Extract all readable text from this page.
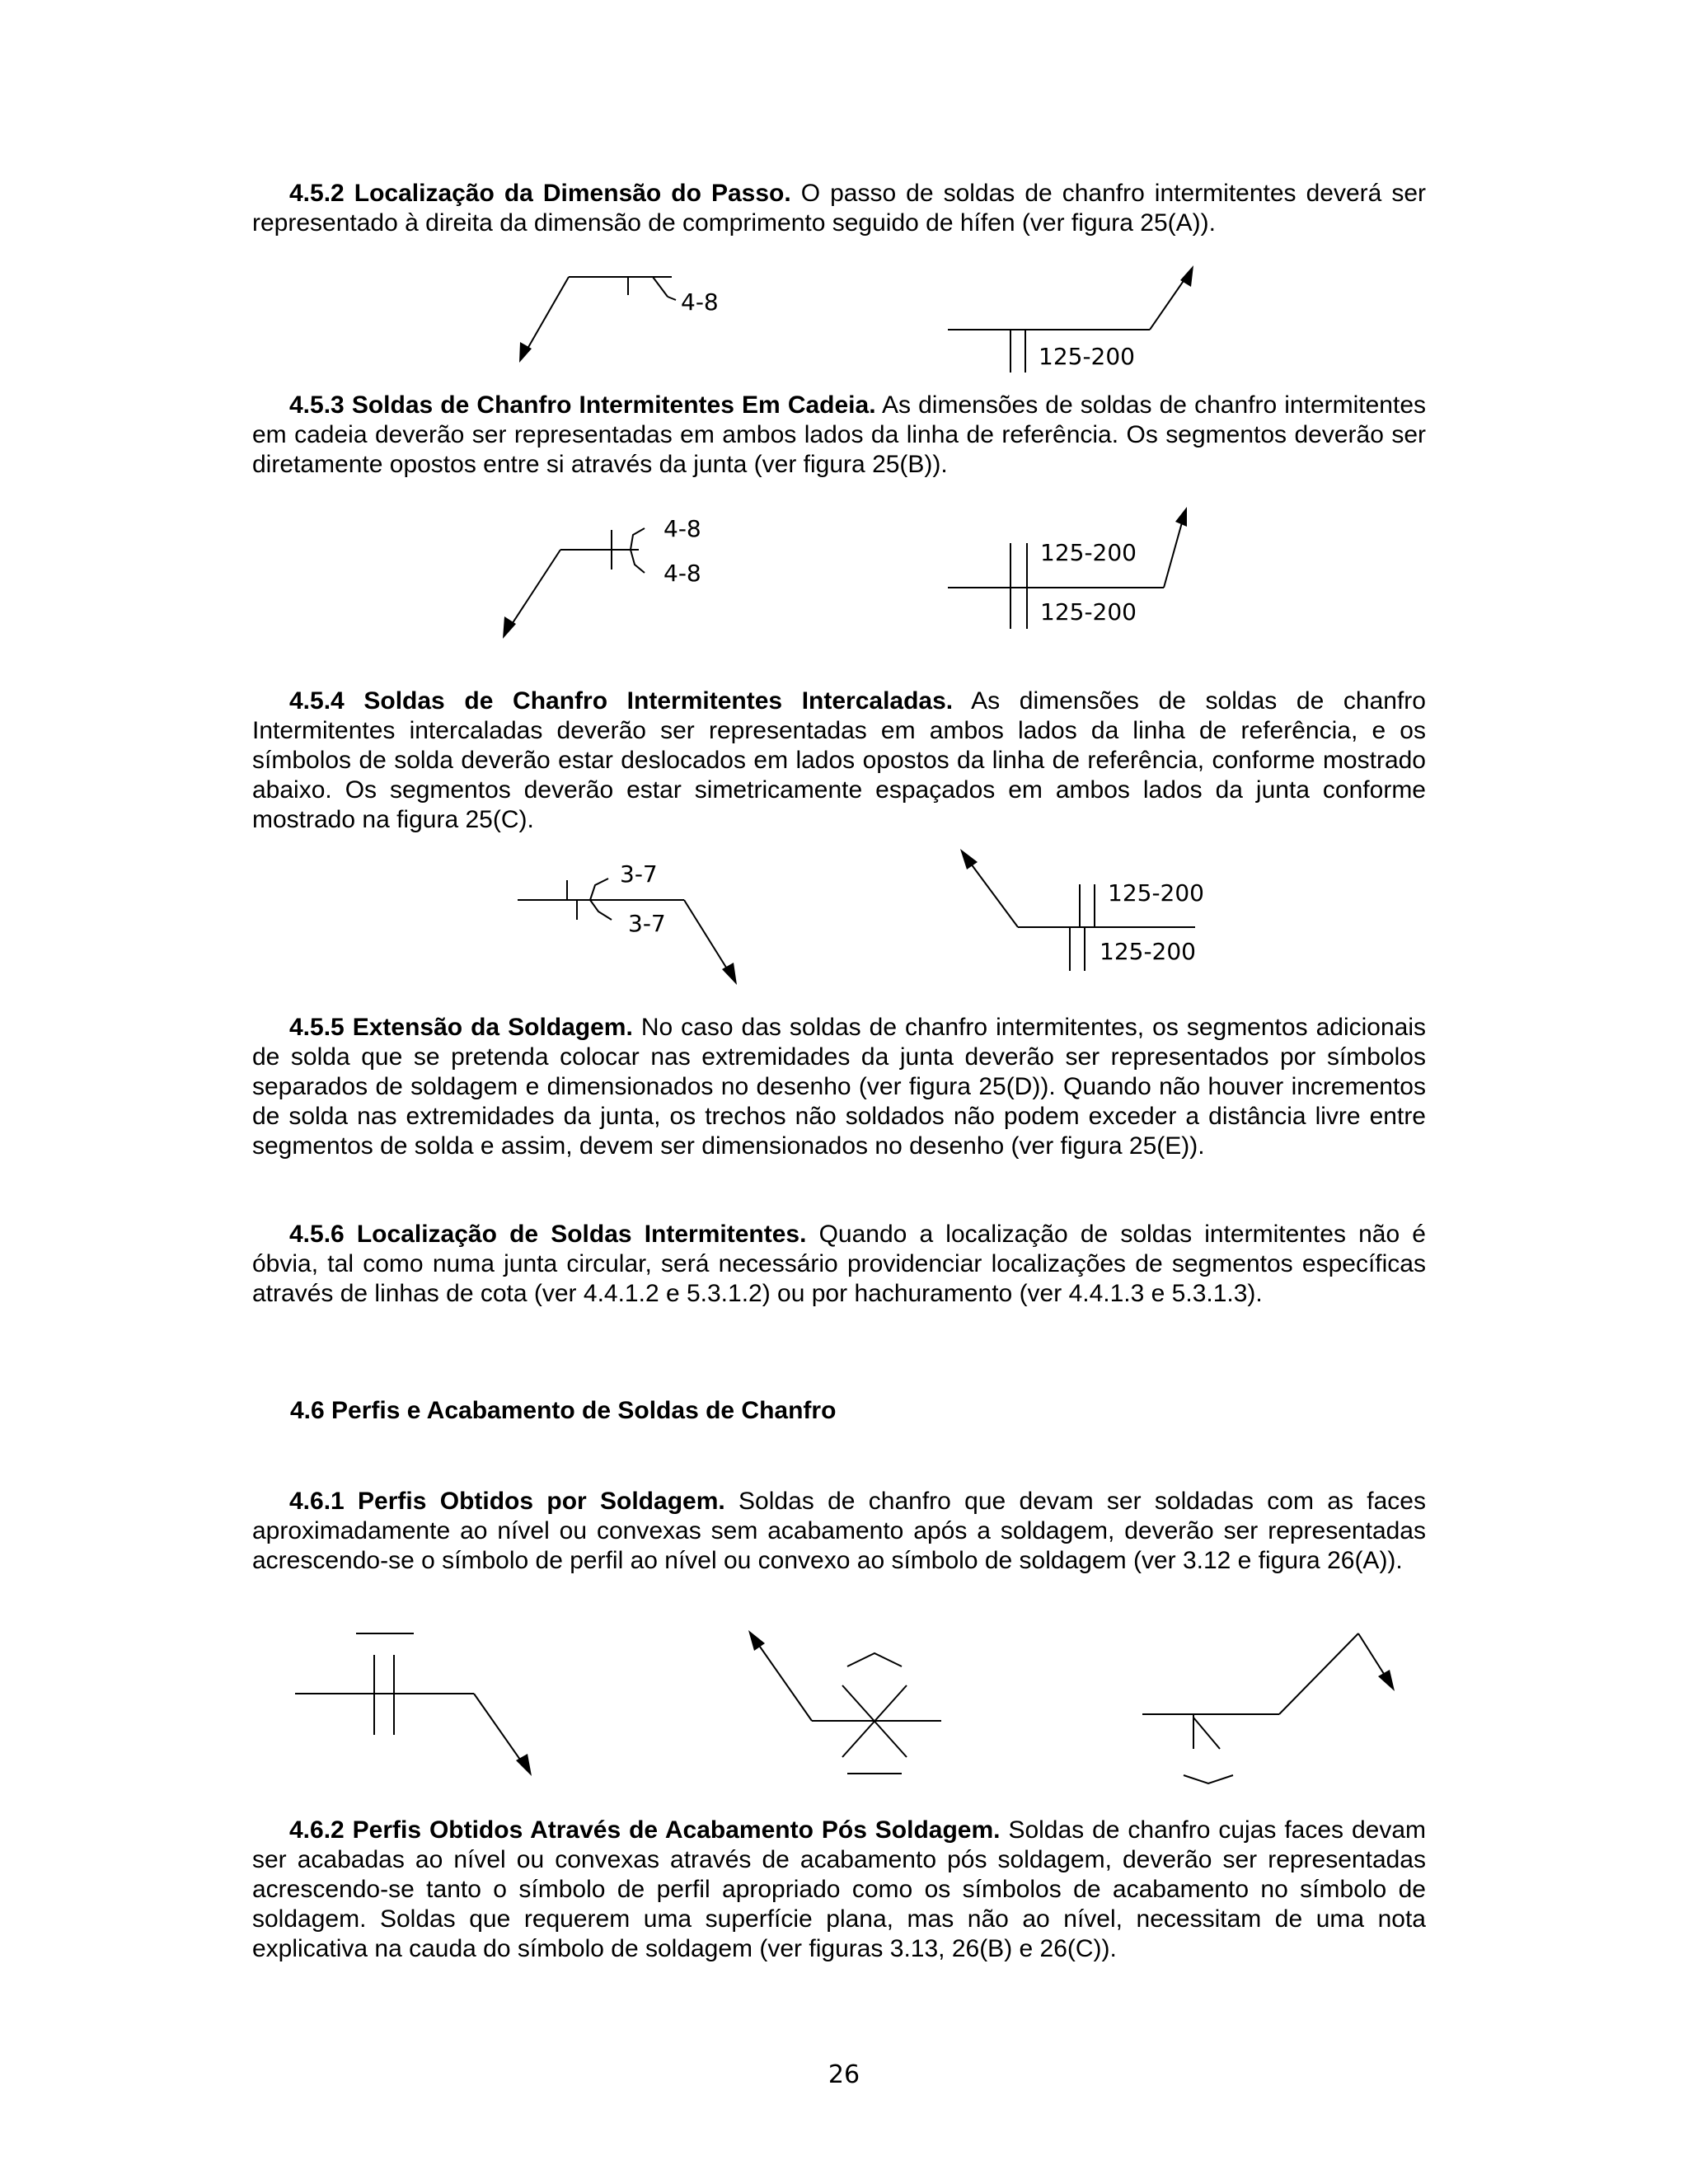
4.5.2 Localização da Dimensão do Passo. O passo de soldas de chanfro intermitentes deverá ser representado à direita da dimensão de comprimento seguido de hífen (ver figura 25(A)).

4-8
125-200

4.5.3 Soldas de Chanfro Intermitentes Em Cadeia. As dimensões de soldas de chanfro intermitentes em cadeia deverão ser representadas em ambos lados da linha de referência. Os segmentos deverão ser diretamente opostos entre si através da junta (ver figura 25(B)).

4-8
4-8
125-200
125-200

4.5.4 Soldas de Chanfro Intermitentes Intercaladas. As dimensões de soldas de chanfro Intermitentes intercaladas deverão ser representadas em ambos lados da linha de referência, e os símbolos de solda deverão estar deslocados em lados opostos da linha de referência, conforme mostrado abaixo. Os segmentos deverão estar simetricamente espaçados em ambos lados da junta conforme mostrado na figura 25(C).

3-7
3-7
125-200
125-200

4.5.5 Extensão da Soldagem. No caso das soldas de chanfro intermitentes, os segmentos adicionais de solda que se pretenda colocar nas extremidades da junta deverão ser representados por símbolos separados de soldagem e dimensionados no desenho (ver figura 25(D)). Quando não houver incrementos de solda nas extremidades da junta, os trechos não soldados não podem exceder a distância livre entre segmentos de solda e assim, devem ser dimensionados no desenho (ver figura 25(E)).

4.5.6 Localização de Soldas Intermitentes. Quando a localização de soldas intermitentes não é óbvia, tal como numa junta circular, será necessário providenciar localizações de segmentos específicas através de linhas de cota (ver 4.4.1.2 e 5.3.1.2) ou por hachuramento (ver 4.4.1.3 e 5.3.1.3).

4.6 Perfis e Acabamento de Soldas de Chanfro

4.6.1 Perfis Obtidos por Soldagem. Soldas de chanfro que devam ser soldadas com as faces aproximadamente ao nível ou convexas sem acabamento após a soldagem, deverão ser representadas acrescendo-se o símbolo de perfil ao nível ou convexo ao símbolo de soldagem (ver 3.12 e figura 26(A)).

4.6.2 Perfis Obtidos Através de Acabamento Pós Soldagem. Soldas de chanfro cujas faces devam ser acabadas ao nível ou convexas através de acabamento pós soldagem, deverão ser representadas acrescendo-se tanto o símbolo de perfil apropriado como os símbolos de acabamento no símbolo de soldagem. Soldas que requerem uma superfície plana, mas não ao nível, necessitam de uma nota explicativa na cauda do símbolo de soldagem (ver figuras 3.13, 26(B) e 26(C)).

26
